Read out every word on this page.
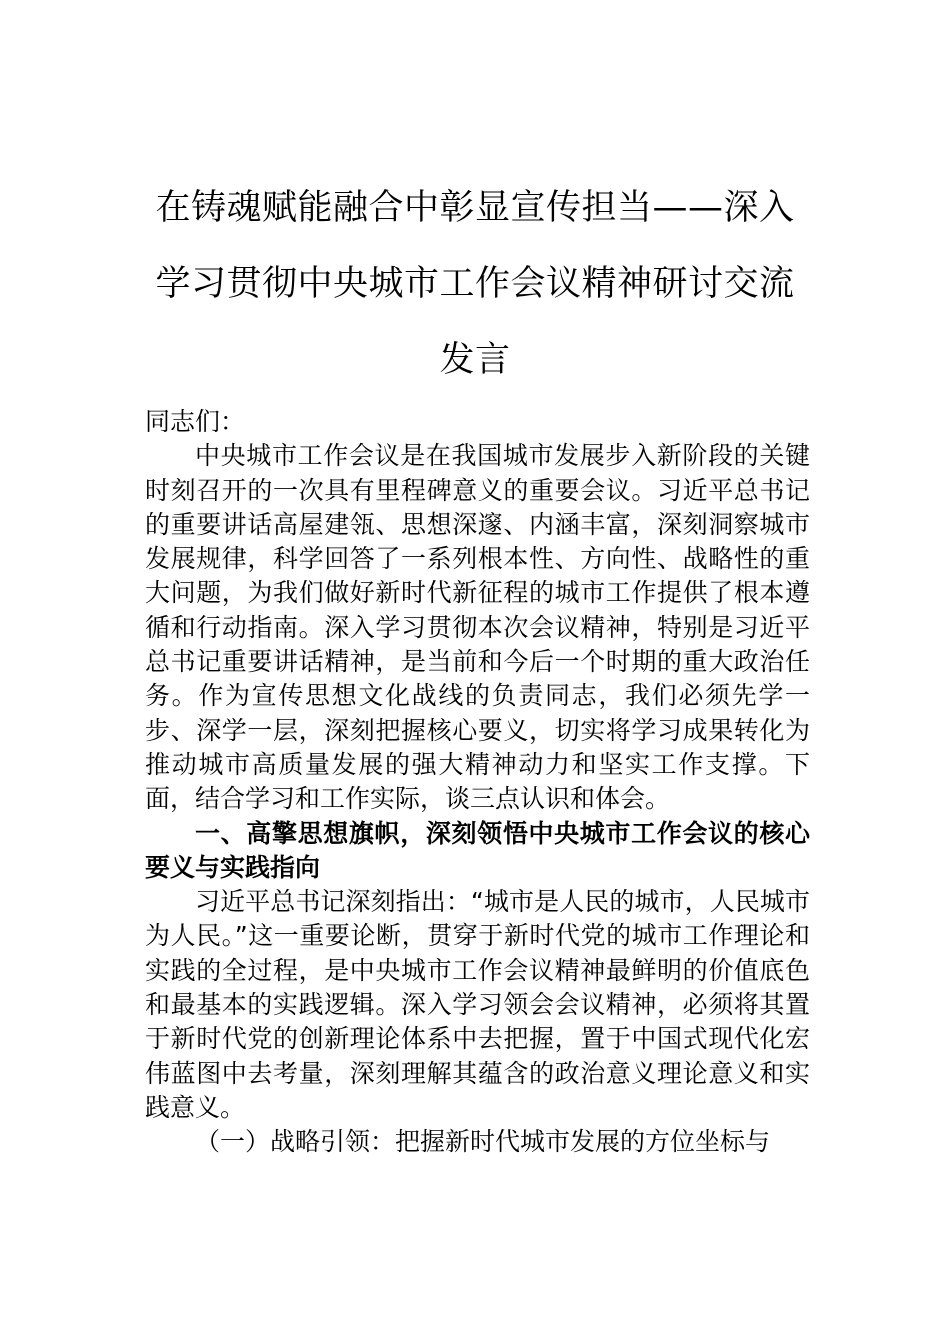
在铸魂赋能融合中彰显宣传担当——深入
学习贯彻中央城市工作会议精神研讨交流
发言

同志们：

中央城市工作会议是在我国城市发展步入新阶段的关键时刻召开的一次具有里程碑意义的重要会议。习近平总书记的重要讲话高屋建瓴、思想深邃、内涵丰富，深刻洞察城市发展规律，科学回答了一系列根本性、方向性、战略性的重大问题，为我们做好新时代新征程的城市工作提供了根本遵循和行动指南。深入学习贯彻本次会议精神，特别是习近平总书记重要讲话精神，是当前和今后一个时期的重大政治任务。作为宣传思想文化战线的负责同志，我们必须先学一步、深学一层，深刻把握核心要义，切实将学习成果转化为推动城市高质量发展的强大精神动力和坚实工作支撑。下面，结合学习和工作实际，谈三点认识和体会。

一、高擎思想旗帜，深刻领悟中央城市工作会议的核心要义与实践指向

习近平总书记深刻指出：“城市是人民的城市，人民城市为人民。”这一重要论断，贯穿于新时代党的城市工作理论和实践的全过程，是中央城市工作会议精神最鲜明的价值底色和最基本的实践逻辑。深入学习领会会议精神，必须将其置于新时代党的创新理论体系中去把握，置于中国式现代化宏伟蓝图中去考量，深刻理解其蕴含的政治意义理论意义和实践意义。

（一）战略引领：把握新时代城市发展的方位坐标与
